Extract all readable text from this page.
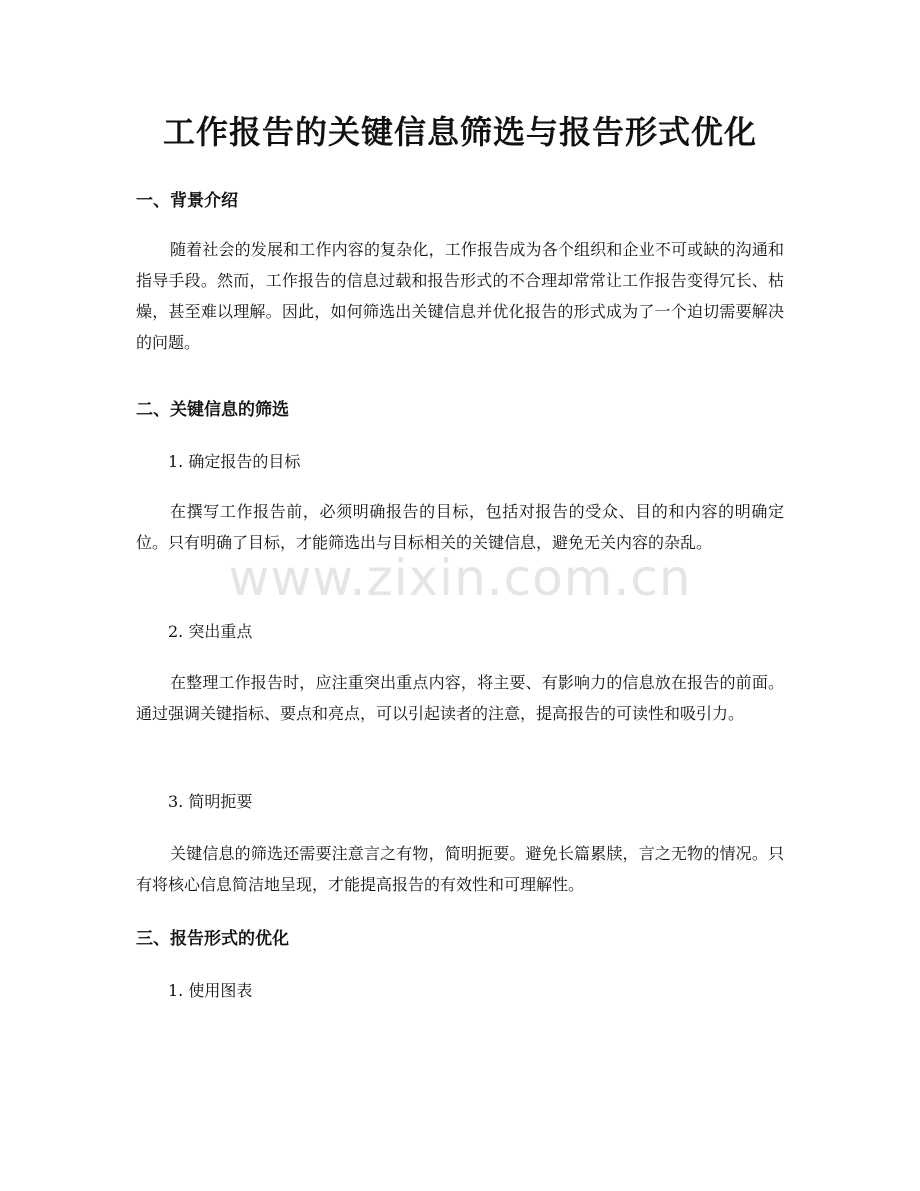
工作报告的关键信息筛选与报告形式优化
一、背景介绍

随着社会的发展和工作内容的复杂化，工作报告成为各个组织和企业不可或缺的沟通和指导手段。然而，工作报告的信息过载和报告形式的不合理却常常让工作报告变得冗长、枯燥，甚至难以理解。因此，如何筛选出关键信息并优化报告的形式成为了一个迫切需要解决的问题。

二、关键信息的筛选

1. 确定报告的目标

在撰写工作报告前，必须明确报告的目标，包括对报告的受众、目的和内容的明确定位。只有明确了目标，才能筛选出与目标相关的关键信息，避免无关内容的杂乱。

2. 突出重点

在整理工作报告时，应注重突出重点内容，将主要、有影响力的信息放在报告的前面。通过强调关键指标、要点和亮点，可以引起读者的注意，提高报告的可读性和吸引力。

3. 简明扼要

关键信息的筛选还需要注意言之有物，简明扼要。避免长篇累牍，言之无物的情况。只有将核心信息简洁地呈现，才能提高报告的有效性和可理解性。

三、报告形式的优化

1. 使用图表

www.zixin.com.cn
